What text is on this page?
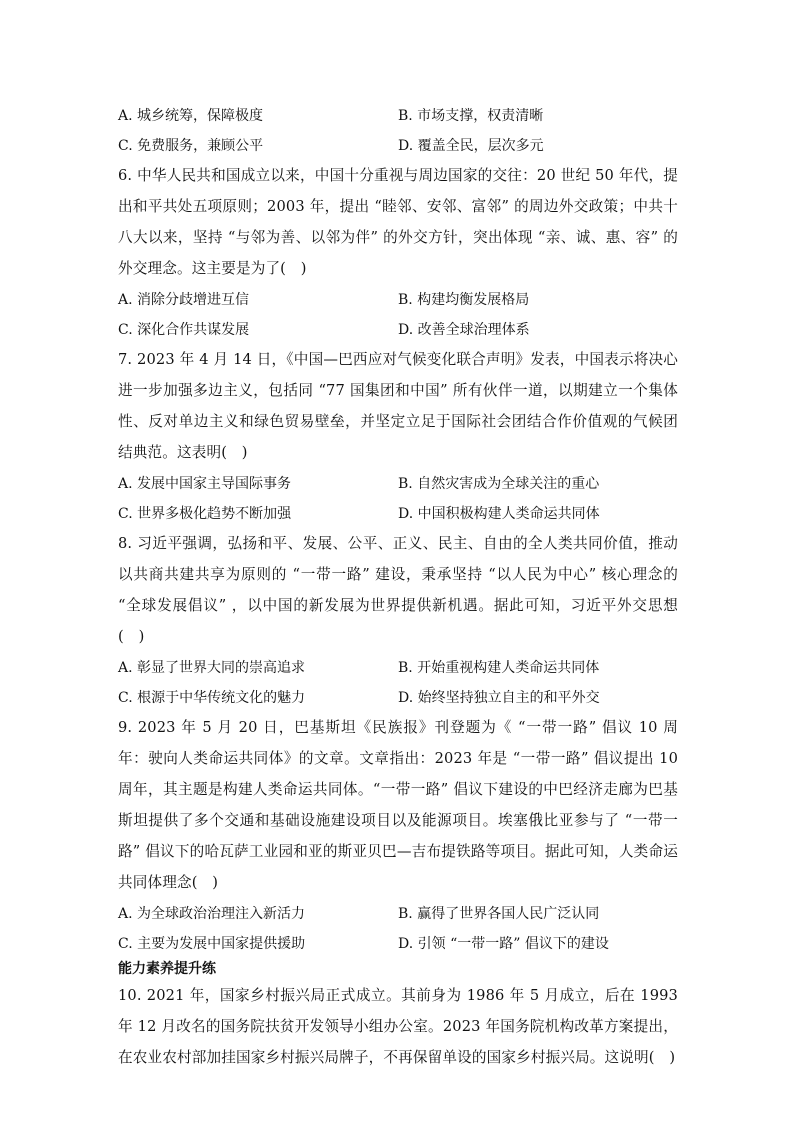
A. 城乡统筹，保障极度	B. 市场支撑，权责清晰
C. 免费服务，兼顾公平	D. 覆盖全民，层次多元

6. 中华人民共和国成立以来，中国十分重视与周边国家的交往：20 世纪 50 年代，提出和平共处五项原则；2003 年，提出 “睦邻、安邻、富邻” 的周边外交政策；中共十八大以来，坚持 “与邻为善、以邻为伴” 的外交方针，突出体现 “亲、诚、惠、容” 的外交理念。这主要是为了(　)

A. 消除分歧增进互信	B. 构建均衡发展格局
C. 深化合作共谋发展	D. 改善全球治理体系

7. 2023 年 4 月 14 日，《中国—巴西应对气候变化联合声明》发表，中国表示将决心进一步加强多边主义，包括同 “77 国集团和中国” 所有伙伴一道，以期建立一个集体性、反对单边主义和绿色贸易壁垒，并坚定立足于国际社会团结合作价值观的气候团结典范。这表明(　)

A. 发展中国家主导国际事务	B. 自然灾害成为全球关注的重心
C. 世界多极化趋势不断加强	D. 中国积极构建人类命运共同体

8. 习近平强调，弘扬和平、发展、公平、正义、民主、自由的全人类共同价值，推动以共商共建共享为原则的 “一带一路” 建设，秉承坚持 “以人民为中心” 核心理念的 “全球发展倡议” ，以中国的新发展为世界提供新机遇。据此可知，习近平外交思想(　)

A. 彰显了世界大同的崇高追求	B. 开始重视构建人类命运共同体
C. 根源于中华传统文化的魅力	D. 始终坚持独立自主的和平外交

9. 2023 年 5 月 20 日，巴基斯坦《民族报》刊登题为《 “一带一路” 倡议 10 周年：驶向人类命运共同体》的文章。文章指出：2023 年是 “一带一路” 倡议提出 10 周年，其主题是构建人类命运共同体。“一带一路” 倡议下建设的中巴经济走廊为巴基斯坦提供了多个交通和基础设施建设项目以及能源项目。埃塞俄比亚参与了 “一带一路” 倡议下的哈瓦萨工业园和亚的斯亚贝巴—吉布提铁路等项目。据此可知，人类命运共同体理念(　)

A. 为全球政治治理注入新活力	B. 赢得了世界各国人民广泛认同
C. 主要为发展中国家提供援助	D. 引领 “一带一路” 倡议下的建设

能力素养提升练

10. 2021 年，国家乡村振兴局正式成立。其前身为 1986 年 5 月成立，后在 1993 年 12 月改名的国务院扶贫开发领导小组办公室。2023 年国务院机构改革方案提出，在农业农村部加挂国家乡村振兴局牌子，不再保留单设的国家乡村振兴局。这说明(　)
